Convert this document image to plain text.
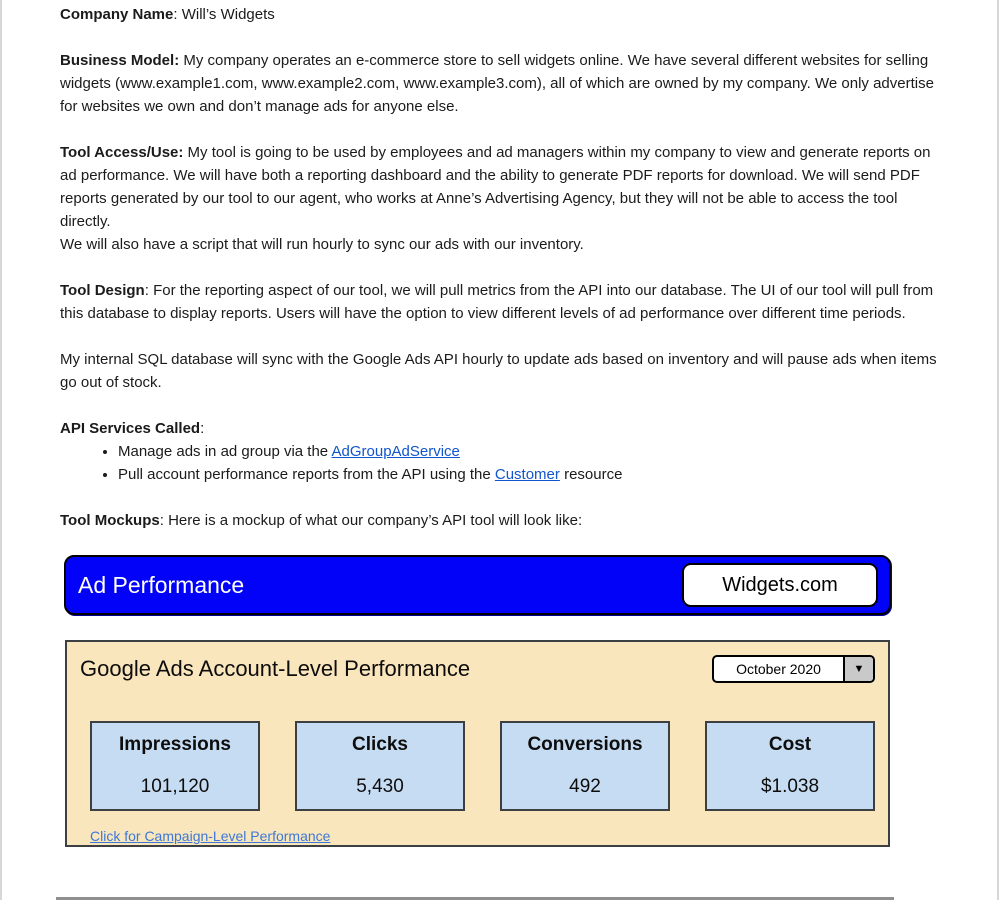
Company Name: Will’s Widgets

Business Model: My company operates an e-commerce store to sell widgets online. We have several different websites for selling widgets (www.example1.com, www.example2.com, www.example3.com), all of which are owned by my company. We only advertise for websites we own and don’t manage ads for anyone else.

Tool Access/Use: My tool is going to be used by employees and ad managers within my company to view and generate reports on ad performance. We will have both a reporting dashboard and the ability to generate PDF reports for download. We will send PDF reports generated by our tool to our agent, who works at Anne’s Advertising Agency, but they will not be able to access the tool directly.
We will also have a script that will run hourly to sync our ads with our inventory.

Tool Design: For the reporting aspect of our tool, we will pull metrics from the API into our database. The UI of our tool will pull from this database to display reports. Users will have the option to view different levels of ad performance over different time periods.

My internal SQL database will sync with the Google Ads API hourly to update ads based on inventory and will pause ads when items go out of stock.

API Services Called:

• Manage ads in ad group via the AdGroupAdService
• Pull account performance reports from the API using the Customer resource

Tool Mockups: Here is a mockup of what our company’s API tool will look like:

Ad Performance	Widgets.com
Google Ads Account-Level Performance	October 2020	▼
Impressions
101,120
Clicks
5,430
Conversions
492
Cost
$1.038
Click for Campaign-Level Performance
